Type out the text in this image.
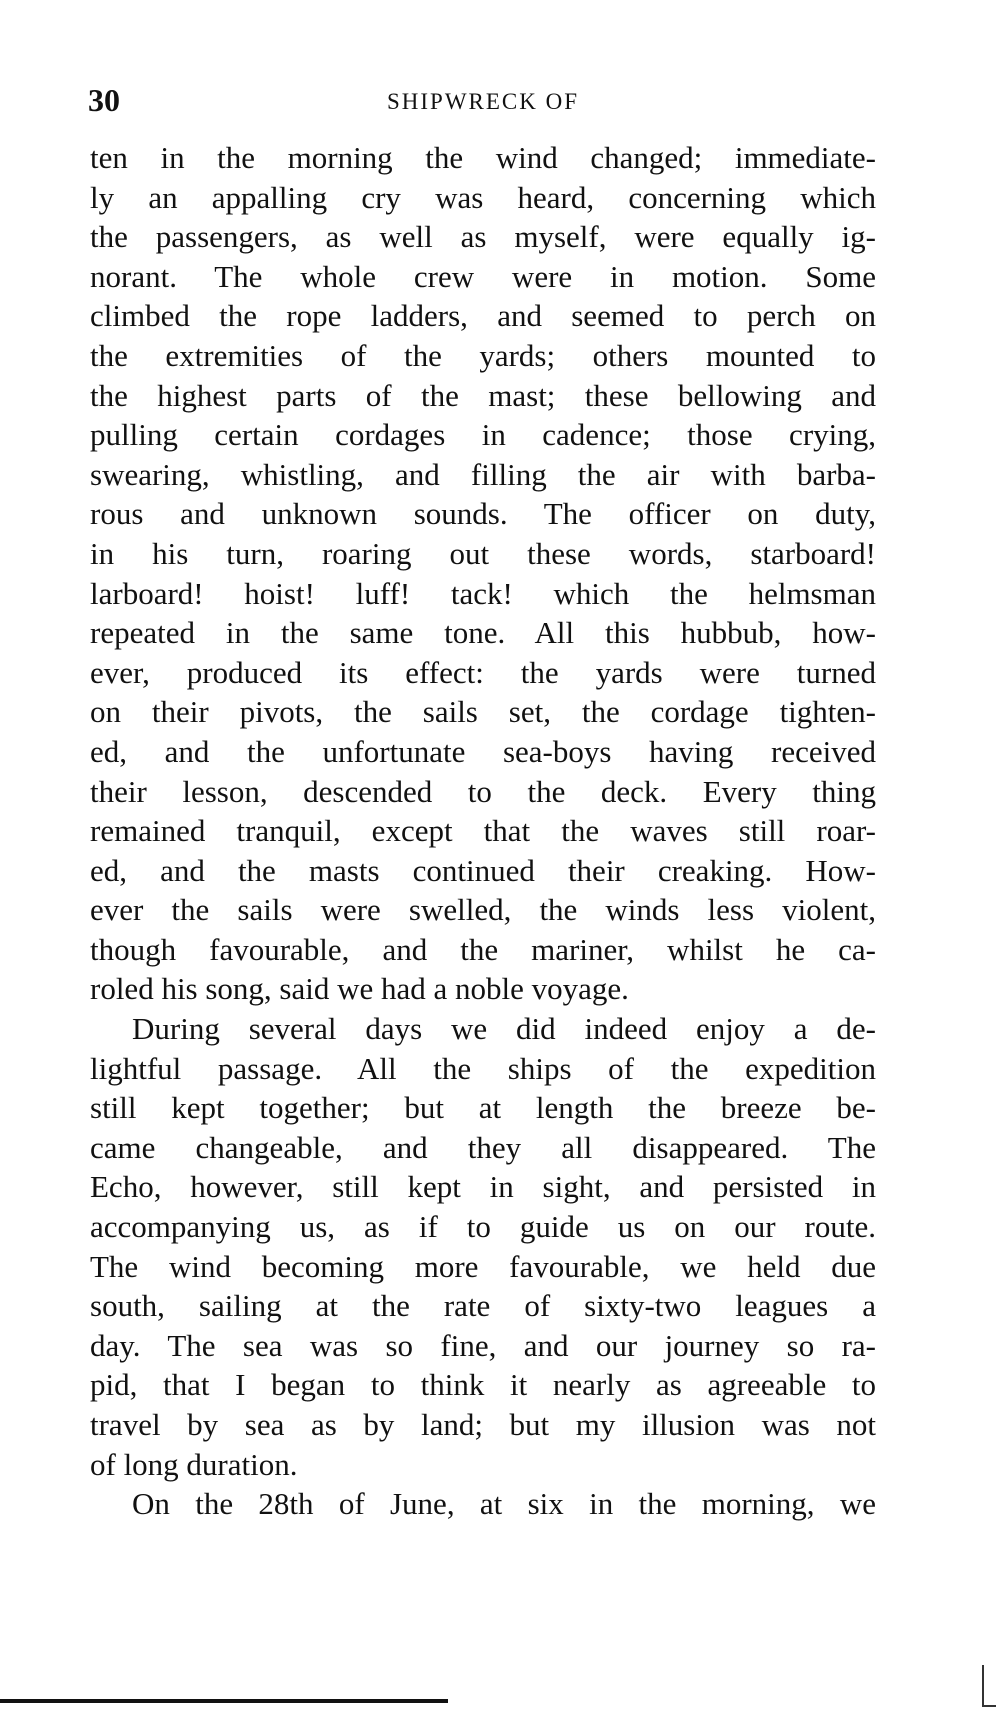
30	SHIPWRECK OF
ten in the morning the wind changed; immediate-
ly an appalling cry was heard, concerning which
the passengers, as well as myself, were equally ig-
norant. The whole crew were in motion. Some
climbed the rope ladders, and seemed to perch on
the extremities of the yards; others mounted to
the highest parts of the mast; these bellowing and
pulling certain cordages in cadence; those crying,
swearing, whistling, and filling the air with barba-
rous and unknown sounds. The officer on duty,
in his turn, roaring out these words, starboard!
larboard! hoist! luff! tack! which the helmsman
repeated in the same tone. All this hubbub, how-
ever, produced its effect: the yards were turned
on their pivots, the sails set, the cordage tighten-
ed, and the unfortunate sea-boys having received
their lesson, descended to the deck. Every thing
remained tranquil, except that the waves still roar-
ed, and the masts continued their creaking. How-
ever the sails were swelled, the winds less violent,
though favourable, and the mariner, whilst he ca-
roled his song, said we had a noble voyage.
During several days we did indeed enjoy a de-
lightful passage. All the ships of the expedition
still kept together; but at length the breeze be-
came changeable, and they all disappeared. The
Echo, however, still kept in sight, and persisted in
accompanying us, as if to guide us on our route.
The wind becoming more favourable, we held due
south, sailing at the rate of sixty-two leagues a
day. The sea was so fine, and our journey so ra-
pid, that I began to think it nearly as agreeable to
travel by sea as by land; but my illusion was not
of long duration.
On the 28th of June, at six in the morning, we
